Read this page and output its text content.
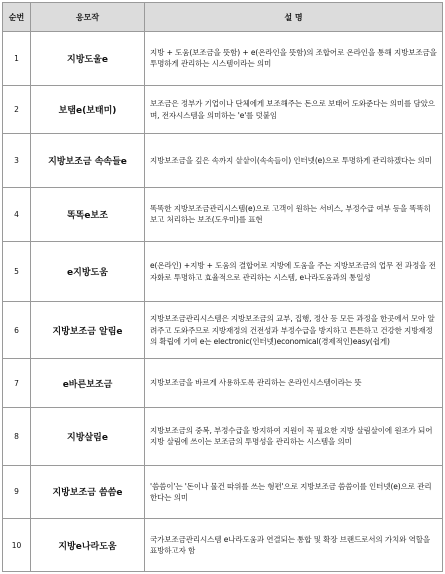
순번	응모작	설 명
1	지방도울e	지방 + 도움(보조금을 뜻함) + e(온라인을 뜻함)의 조합어로 온라인을 통해 지방보조금을 투명하게 관리하는 시스템이라는 의미
2	보탬e(보태미)	보조금은 정부가 기업이나 단체에게 보조해주는 돈으로 보태어 도와준다는 의미를 담았으며, 전자시스템을 의미하는 'e'를 덧붙임
3	지방보조금 속속들e	지방보조금을 깊은 속까지 샅샅이(속속들이) 인터넷(e)으로 투명하게 관리하겠다는 의미
4	똑똑e보조	똑똑한 지방보조금관리시스템(e)으로 고객이 원하는 서비스, 부정수급 여부 등을 똑똑히 보고 처리하는 보조(도우미)를 표현
5	e지방도움	e(온라인) +지방 + 도움의 결합어로 지방에 도움을 주는 지방보조금의 업무 전 과정을 전자화로 투명하고 효율적으로 관리하는 시스템, e나라도움과의 통일성
6	지방보조금 알림e	지방보조금관리시스템은 지방보조금의 교부, 집행, 정산 등 모든 과정을 한곳에서 모아 알려주고 도와주므로 지방재정의 건전성과 부정수급을 방지하고 튼튼하고 건강한 지방재정의 확립에 기여 e는 electronic(인터넷)economical(경제적인)easy(쉽게)
7	e바른보조금	지방보조금을 바르게 사용하도록 관리하는 온라인시스템이라는 뜻
8	지방살림e	지방보조금의 중복, 부정수급을 방지하여 지원이 꼭 필요한 지방 살림살이에 원조가 되어 지방 살림에 쓰이는 보조금의 투명성을 관리하는 시스템을 의미
9	지방보조금 씀씀e	'씀씀이'는 '돈이나 물건 따위를 쓰는 형편'으로 지방보조금 씀씀이를 인터넷(e)으로 관리한다는 의미
10	지방e나라도움	국가보조금관리시스템 e나라도움과 연결되는 통합 및 확장 브랜드로서의 가치와 역할을 표방하고자 함
